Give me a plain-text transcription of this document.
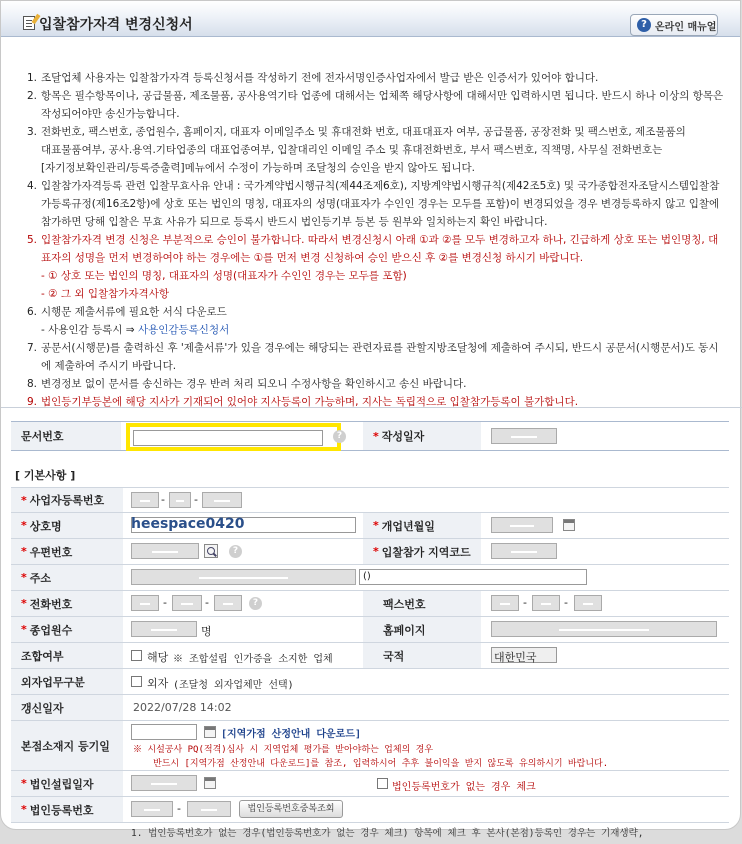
입찰참가자격 변경신청서	? 온라인 매뉴얼
1. 조달업체 사용자는 입찰참가자격 등록신청서를 작성하기 전에 전자서명인증사업자에서 발급 받은 인증서가 있어야 합니다.
2. 항목은 필수항목이나, 공급물품, 제조물품, 공사용역기타 업종에 대해서는 업체쪽 해당사항에 대해서만 입력하시면 됩니다. 반드시 하나 이상의 항목은
작성되어야만 송신가능합니다.
3. 전화번호, 팩스번호, 종업원수, 홈페이지, 대표자 이메일주소 및 휴대전화 번호, 대표대표자 여부, 공급물품, 공장전화 및 팩스번호, 제조물품의
대표물품여부, 공사.용역.기타업종의 대표업종여부, 입찰대리인 이메일 주소 및 휴대전화번호, 부서 팩스번호, 직책명, 사무실 전화번호는
[자기정보확인관리/등록증출력]메뉴에서 수정이 가능하며 조달청의 승인을 받지 않아도 됩니다.
4. 입찰참가자격등록 관련 입찰무효사유 안내 : 국가계약법시행규칙(제44조제6호), 지방계약법시행규칙(제42조5호) 및 국가종합전자조달시스템입찰참
가등록규정(제16조2항)에 상호 또는 법인의 명칭, 대표자의 성명(대표자가 수인인 경우는 모두를 포함)이 변경되었을 경우 변경등록하지 않고 입찰에
참가하면 당해 입찰은 무효 사유가 되므로 등록시 반드시 법인등기부 등본 등 원부와 일치하는지 확인 바랍니다.
5. 입찰참가자격 변경 신청은 부분적으로 승인이 불가합니다. 따라서 변경신청시 아래 ①과 ②를 모두 변경하고자 하나, 긴급하게 상호 또는 법인명칭, 대
표자의 성명을 먼저 변경하여야 하는 경우에는 ①를 먼저 변경 신청하여 승인 받으신 후 ②를 변경신청 하시기 바랍니다.
- ① 상호 또는 법인의 명칭, 대표자의 성명(대표자가 수인인 경우는 모두를 포함)
- ② 그 외 입찰참가자격사항
6. 시행문 제출서류에 필요한 서식 다운로드
- 사용인감 등록시 ⇒ 사용인감등록신청서
7. 공문서(시행문)를 출력하신 후 '제출서류'가 있을 경우에는 해당되는 관련자료를 관할지방조달청에 제출하여 주시되, 반드시 공문서(시행문서)도 동시
에 제출하여 주시기 바랍니다.
8. 변경정보 없이 문서를 송신하는 경우 반려 처리 되오니 수정사항을 확인하시고 송신 바랍니다.
9. 법인등기부등본에 해당 지사가 기재되어 있어야 지사등록이 가능하며, 지사는 독립적으로 입찰참가등록이 불가합니다.
문서번호	?	* 작성일자
[ 기본사항 ]
* 사업자등록번호	-	-
* 상호명	heespace0420	* 개업년월일
* 우편번호	?	* 입찰참가 지역코드
* 주소	()
* 전화번호	-	-	?	팩스번호	-	-
* 종업원수	명	홈페이지
조합여부	해당 ※ 조합설립 인가증을 소지한 업체	국적	대한민국
외자업무구분	외자 (조달청 외자업체만 선택)
갱신일자	2022/07/28 14:02
본점소재지 등기일
[지역가점 산정안내 다운로드]
※ 시설공사 PQ(적격)심사 시 지역업체 평가를 받아야하는 업체의 경우
반드시 [지역가점 산정안내 다운로드]를 참조, 입력하시어 추후 불이익을 받지 않도록 유의하시기 바랍니다.
* 법인설립일자	법인등록번호가 없는 경우 체크
* 법인등록번호	-	법인등록번호중복조회
1. 법인등록번호가 없는 경우(법인등록번호가 없는 경우 체크) 항목에 체크 후 본사(본점)등록인 경우는 기재생략,
